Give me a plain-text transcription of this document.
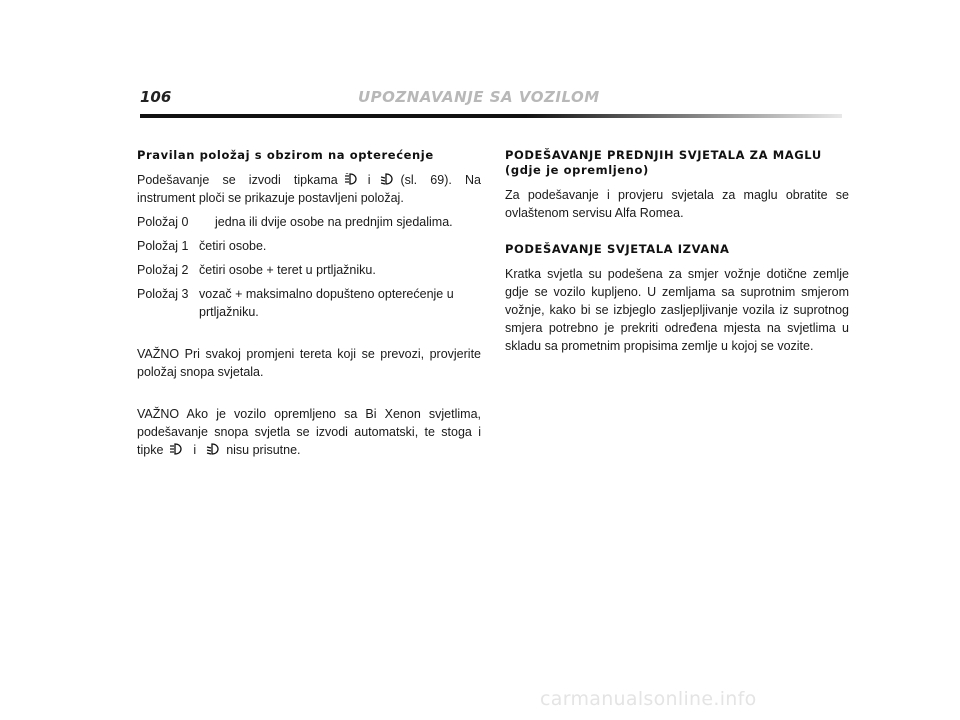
106	UPOZNAVANJE SA VOZILOM
Pravilan položaj s obzirom na opterećenje

Podešavanje se izvodi tipkama i (sl. 69). Na instrument ploči se prikazuje postavljeni položaj.

Položaj 0	jedna ili dvije osobe na prednjim sjedalima.
Položaj 1 četiri osobe.
Položaj 2 četiri osobe + teret u prtljažniku.
Položaj 3 vozač + maksimalno dopušteno opterećenje u prtljažniku.

VAŽNO Pri svakoj promjeni tereta koji se prevozi, provjerite položaj snopa svjetala.

VAŽNO Ako je vozilo opremljeno sa Bi Xenon svjetlima, podešavanje snopa svjetla se izvodi automatski, te stoga i tipke i nisu prisutne.

PODEŠAVANJE PREDNJIH SVJETALA ZA MAGLU (gdje je opremljeno)

Za podešavanje i provjeru svjetala za maglu obratite se ovlaštenom servisu Alfa Romea.

PODEŠAVANJE SVJETALA IZVANA

Kratka svjetla su podešena za smjer vožnje dotične zemlje gdje se vozilo kupljeno. U zemljama sa suprotnim smjerom vožnje, kako bi se izbjeglo zasljepljivanje vozila iz suprotnog smjera potrebno je prekriti određena mjesta na svjetlima u skladu sa prometnim propisima zemlje u kojoj se vozite.

carmanualsonline.info
